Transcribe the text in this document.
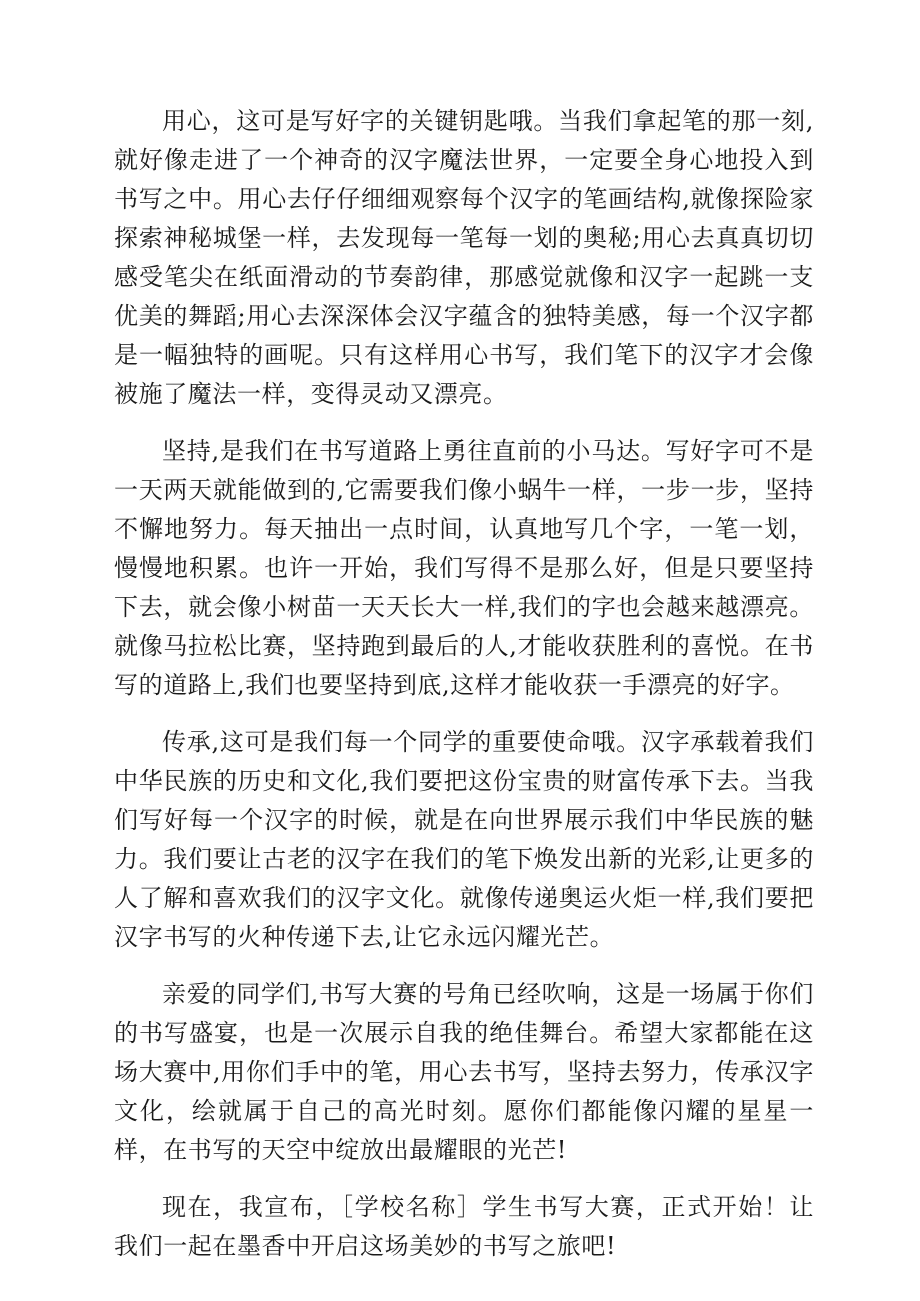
用心，这可是写好字的关键钥匙哦。当我们拿起笔的那一刻,就好像走进了一个神奇的汉字魔法世界，一定要全身心地投入到书写之中。用心去仔仔细细观察每个汉字的笔画结构,就像探险家探索神秘城堡一样，去发现每一笔每一划的奥秘;用心去真真切切感受笔尖在纸面滑动的节奏韵律，那感觉就像和汉字一起跳一支优美的舞蹈;用心去深深体会汉字蕴含的独特美感，每一个汉字都是一幅独特的画呢。只有这样用心书写，我们笔下的汉字才会像被施了魔法一样，变得灵动又漂亮。

坚持,是我们在书写道路上勇往直前的小马达。写好字可不是一天两天就能做到的,它需要我们像小蜗牛一样，一步一步，坚持不懈地努力。每天抽出一点时间，认真地写几个字，一笔一划，慢慢地积累。也许一开始，我们写得不是那么好，但是只要坚持下去，就会像小树苗一天天长大一样,我们的字也会越来越漂亮。就像马拉松比赛，坚持跑到最后的人,才能收获胜利的喜悦。在书写的道路上,我们也要坚持到底,这样才能收获一手漂亮的好字。

传承,这可是我们每一个同学的重要使命哦。汉字承载着我们中华民族的历史和文化,我们要把这份宝贵的财富传承下去。当我们写好每一个汉字的时候，就是在向世界展示我们中华民族的魅力。我们要让古老的汉字在我们的笔下焕发出新的光彩,让更多的人了解和喜欢我们的汉字文化。就像传递奥运火炬一样,我们要把汉字书写的火种传递下去,让它永远闪耀光芒。

亲爱的同学们,书写大赛的号角已经吹响，这是一场属于你们的书写盛宴，也是一次展示自我的绝佳舞台。希望大家都能在这场大赛中,用你们手中的笔，用心去书写，坚持去努力，传承汉字文化，绘就属于自己的高光时刻。愿你们都能像闪耀的星星一样，在书写的天空中绽放出最耀眼的光芒!

现在，我宣布，［学校名称］学生书写大赛，正式开始！让我们一起在墨香中开启这场美妙的书写之旅吧!
